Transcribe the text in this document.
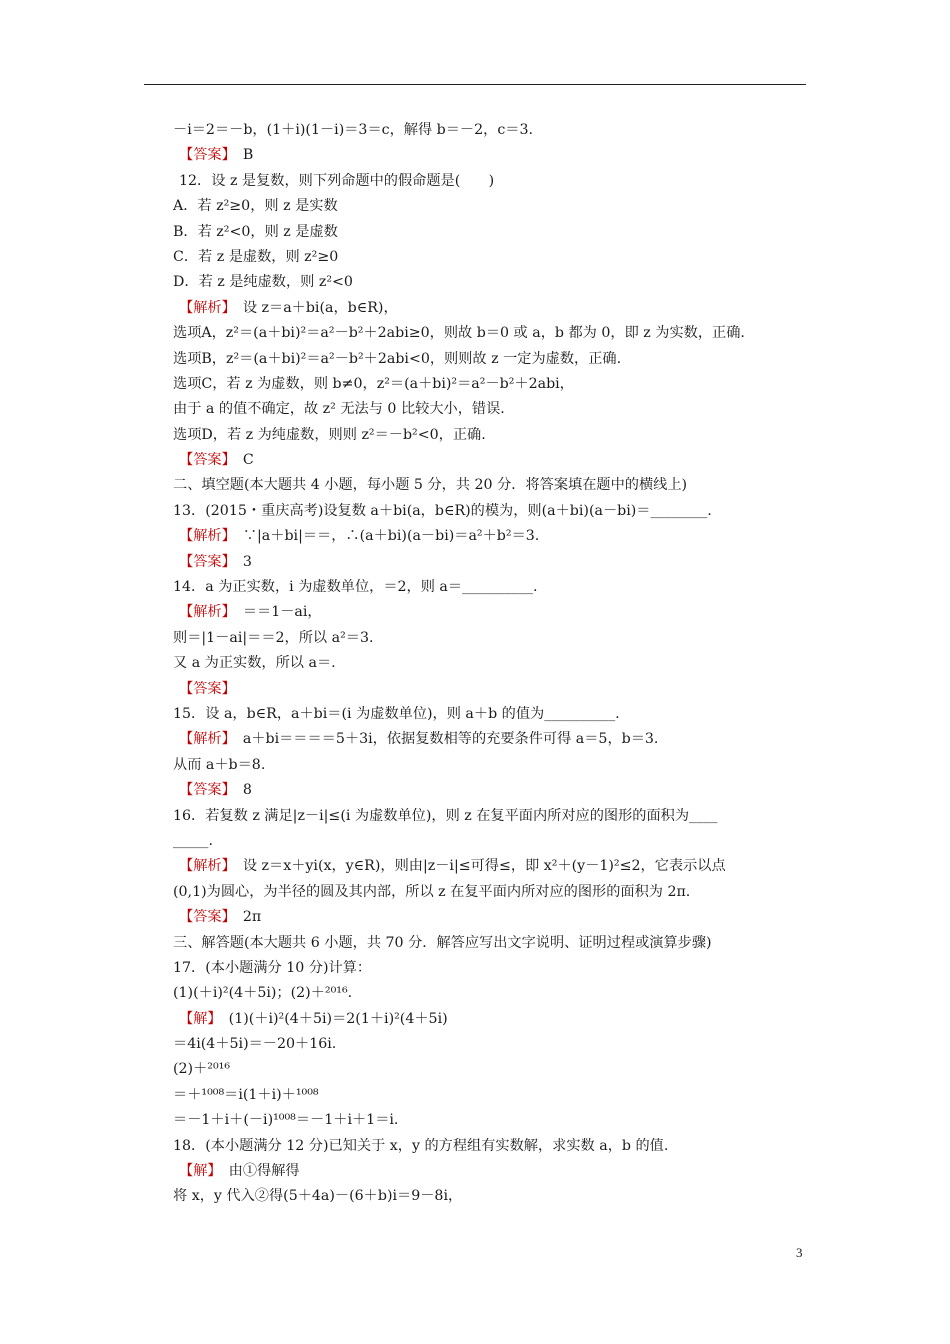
－i＝2＝－b，(1＋i)(1－i)＝3＝c，解得 b＝－2，c＝3.
【答案】　B
12．设 z 是复数，则下列命题中的假命题是(　　)
A．若 z²≥0，则 z 是实数
B．若 z²<0，则 z 是虚数
C．若 z 是虚数，则 z²≥0
D．若 z 是纯虚数，则 z²<0
【解析】　设 z＝a＋bi(a，b∈R)，
选项A，z²＝(a＋bi)²＝a²－b²＋2abi≥0，则故 b＝0 或 a，b 都为 0，即 z 为实数，正确.
选项B，z²＝(a＋bi)²＝a²－b²＋2abi<0，则则故 z 一定为虚数，正确.
选项C，若 z 为虚数，则 b≠0，z²＝(a＋bi)²＝a²－b²＋2abi，
由于 a 的值不确定，故 z² 无法与 0 比较大小，错误.
选项D，若 z 为纯虚数，则则 z²＝－b²<0，正确.
【答案】　C
二、填空题(本大题共 4 小题，每小题 5 分，共 20 分．将答案填在题中的横线上)
13．(2015・重庆高考)设复数 a＋bi(a，b∈R)的模为，则(a＋bi)(a－bi)＝________.
【解析】　∵|a＋bi|＝＝，∴(a＋bi)(a－bi)＝a²＋b²＝3.
【答案】　3
14．a 为正实数，i 为虚数单位，＝2，则 a＝__________.
【解析】　＝＝1－ai，
则＝|1－ai|＝＝2，所以 a²＝3.
又 a 为正实数，所以 a＝.
【答案】
15．设 a，b∈R，a＋bi＝(i 为虚数单位)，则 a＋b 的值为__________.
【解析】　a＋bi＝＝＝＝5＋3i，依据复数相等的充要条件可得 a＝5，b＝3.
从而 a＋b＝8.
【答案】　8
16．若复数 z 满足|z－i|≤(i 为虚数单位)，则 z 在复平面内所对应的图形的面积为____
_____.
【解析】　设 z＝x＋yi(x，y∈R)，则由|z－i|≤可得≤，即 x²＋(y－1)²≤2，它表示以点
(0,1)为圆心，为半径的圆及其内部，所以 z 在复平面内所对应的图形的面积为 2π.
【答案】　2π
三、解答题(本大题共 6 小题，共 70 分．解答应写出文字说明、证明过程或演算步骤)
17．(本小题满分 10 分)计算：
(1)(＋i)²(4＋5i)；(2)＋²⁰¹⁶.
【解】　(1)(＋i)²(4＋5i)＝2(1＋i)²(4＋5i)
＝4i(4＋5i)＝－20＋16i.
(2)＋²⁰¹⁶
＝＋¹⁰⁰⁸＝i(1＋i)＋¹⁰⁰⁸
＝－1＋i＋(－i)¹⁰⁰⁸＝－1＋i＋1＝i.
18．(本小题满分 12 分)已知关于 x，y 的方程组有实数解，求实数 a，b 的值.
【解】　由①得解得
将 x，y 代入②得(5＋4a)－(6＋b)i＝9－8i，
3
